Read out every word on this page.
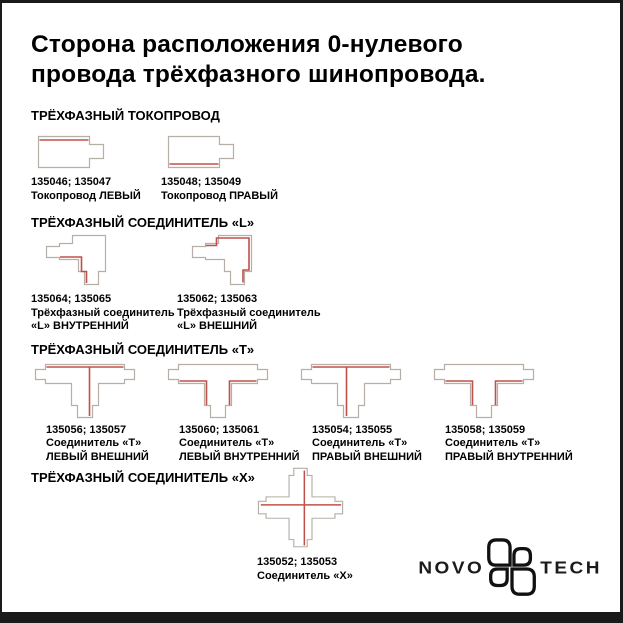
Сторона расположения 0-нулевого
провода трёхфазного шинопровода.
ТРЁХФАЗНЫЙ ТОКОПРОВОД
135046; 135047
Токопровод ЛЕВЫЙ
135048; 135049
Токопровод ПРАВЫЙ
ТРЁХФАЗНЫЙ СОЕДИНИТЕЛЬ «L»
135064; 135065
Трёхфазный соединитель
«L» ВНУТРЕННИЙ
135062; 135063
Трёхфазный соединитель
«L» ВНЕШНИЙ
ТРЁХФАЗНЫЙ СОЕДИНИТЕЛЬ «Т»
135056; 135057
Соединитель «Т»
ЛЕВЫЙ ВНЕШНИЙ
135060; 135061
Соединитель «Т»
ЛЕВЫЙ ВНУТРЕННИЙ
135054; 135055
Соединитель «Т»
ПРАВЫЙ ВНЕШНИЙ
135058; 135059
Соединитель «Т»
ПРАВЫЙ ВНУТРЕННИЙ
ТРЁХФАЗНЫЙ СОЕДИНИТЕЛЬ «Х»
135052; 135053
Соединитель «Х»	NOVO	TECH
